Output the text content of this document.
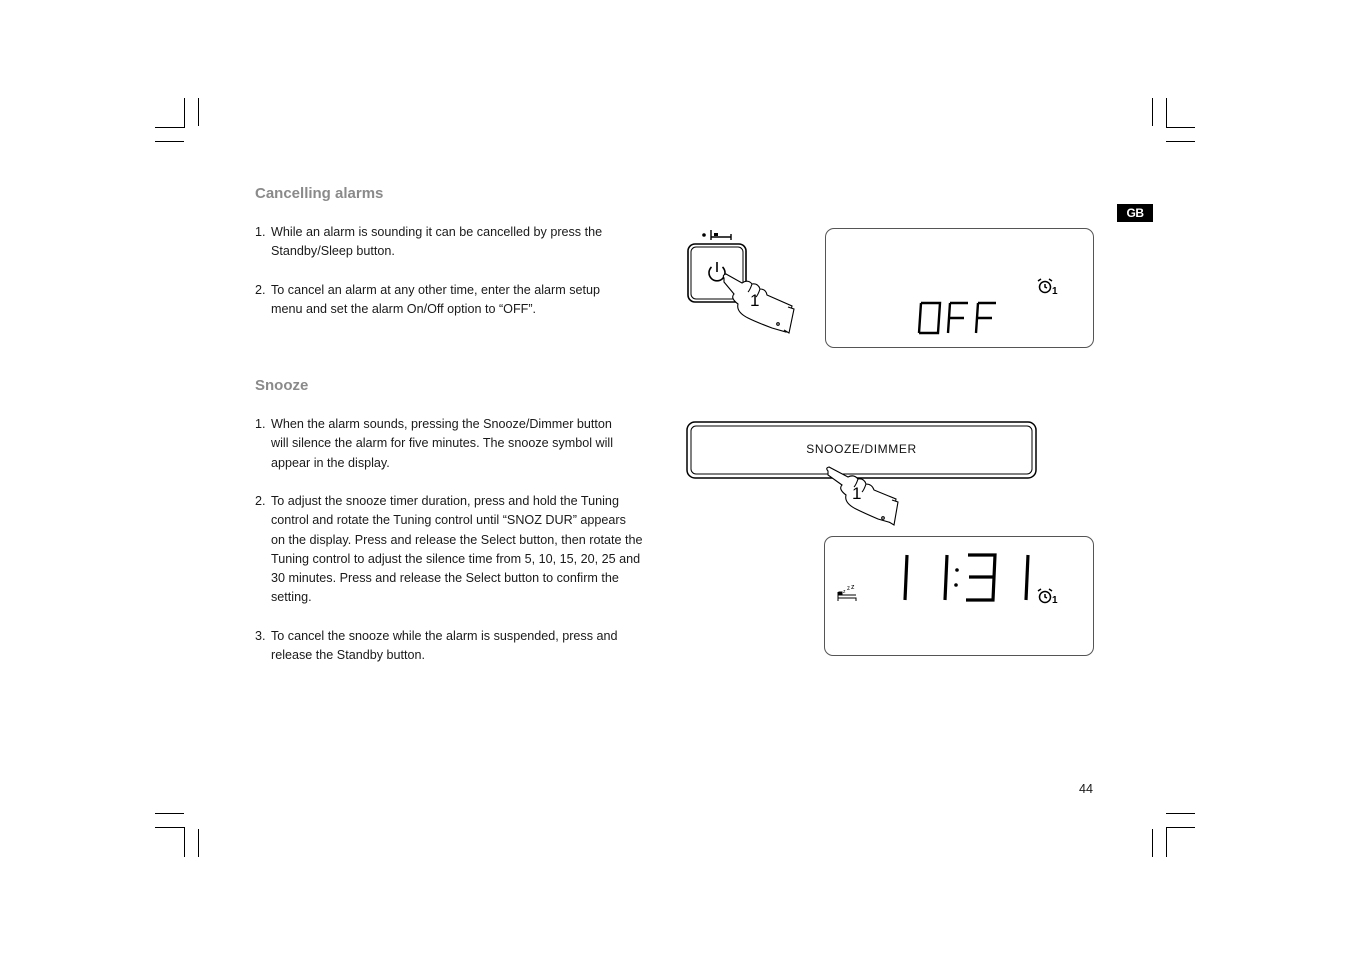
GB
Cancelling alarms
1. While an alarm is sounding it can be cancelled by press the Standby/Sleep button.
2. To cancel an alarm at any other time, enter the alarm setup menu and set the alarm On/Off option to “OFF”.
Snooze
1. When the alarm sounds, pressing the Snooze/Dimmer button will silence the alarm for five minutes. The snooze symbol will appear in the display.
2. To adjust the snooze timer duration, press and hold the Tuning control and rotate the Tuning control until “SNOZ DUR” appears on the display. Press and release the Select button, then rotate the Tuning control to adjust the silence time from 5, 10, 15, 20, 25 and 30 minutes. Press and release the Select button to confirm the setting.
3. To cancel the snooze while the alarm is suspended, press and release the Standby button.
1	1
SNOOZE/DIMMER
1
z z z
1
44
